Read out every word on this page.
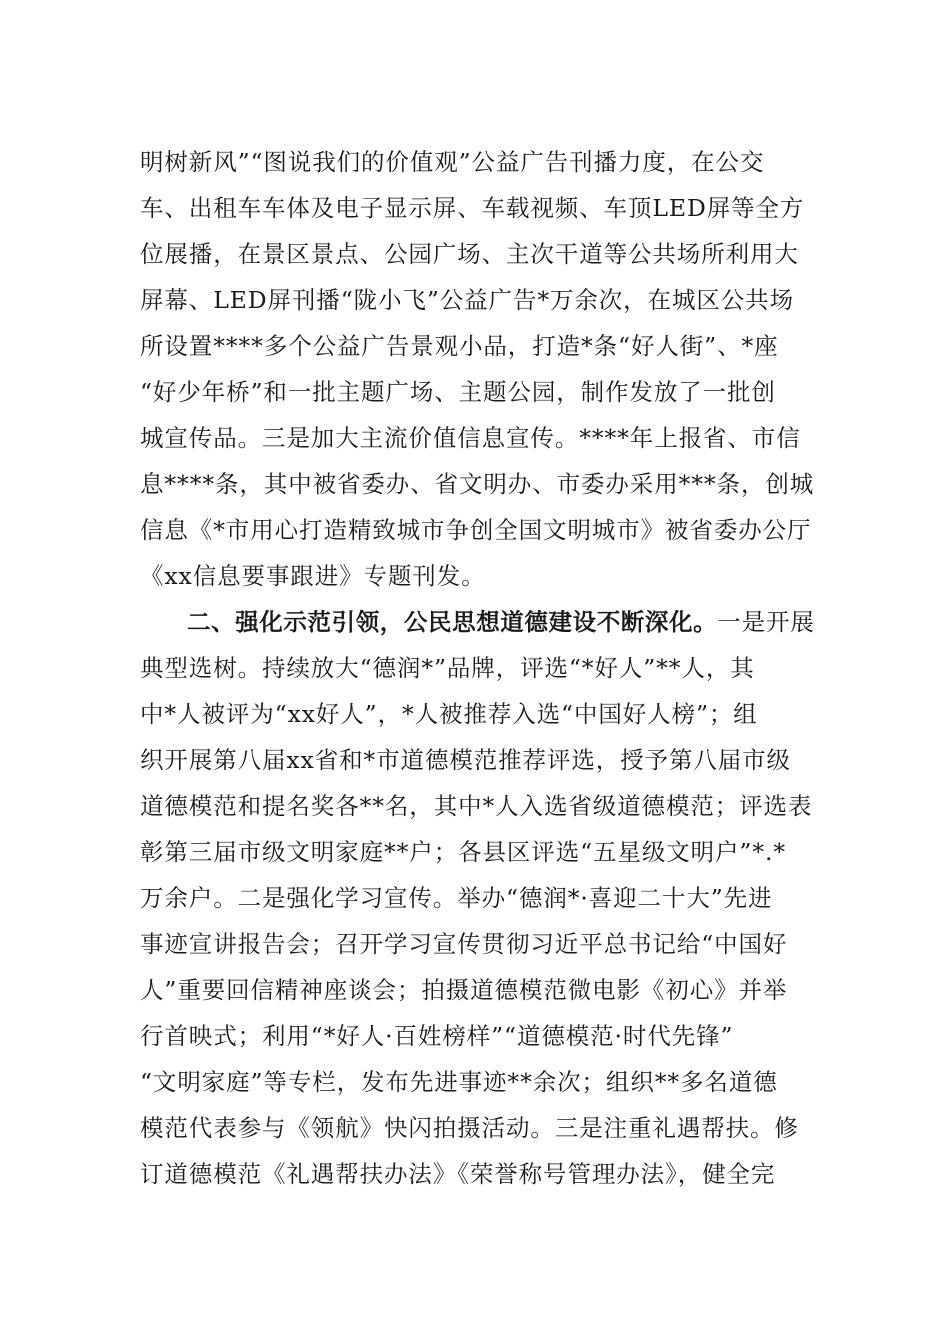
明树新风”“图说我们的价值观”公益广告刊播力度，在公交
车、出租车车体及电子显示屏、车载视频、车顶LED屏等全方
位展播，在景区景点、公园广场、主次干道等公共场所利用大
屏幕、LED屏刊播“陇小飞”公益广告*万余次，在城区公共场
所设置****多个公益广告景观小品，打造*条“好人街”、*座
“好少年桥”和一批主题广场、主题公园，制作发放了一批创
城宣传品。三是加大主流价值信息宣传。****年上报省、市信
息****条，其中被省委办、省文明办、市委办采用***条，创城
信息《*市用心打造精致城市争创全国文明城市》被省委办公厅
《xx信息要事跟进》专题刊发。
二、强化示范引领，公民思想道德建设不断深化。一是开展
典型选树。持续放大“德润*”品牌，评选“*好人”**人，其
中*人被评为“xx好人”，*人被推荐入选“中国好人榜”；组
织开展第八届xx省和*市道德模范推荐评选，授予第八届市级
道德模范和提名奖各**名，其中*人入选省级道德模范；评选表
彰第三届市级文明家庭**户；各县区评选“五星级文明户”*.*
万余户。二是强化学习宣传。举办“德润*·喜迎二十大”先进
事迹宣讲报告会；召开学习宣传贯彻习近平总书记给“中国好
人”重要回信精神座谈会；拍摄道德模范微电影《初心》并举
行首映式；利用“*好人·百姓榜样”“道德模范·时代先锋”
“文明家庭”等专栏，发布先进事迹**余次；组织**多名道德
模范代表参与《领航》快闪拍摄活动。三是注重礼遇帮扶。修
订道德模范《礼遇帮扶办法》《荣誉称号管理办法》，健全完
